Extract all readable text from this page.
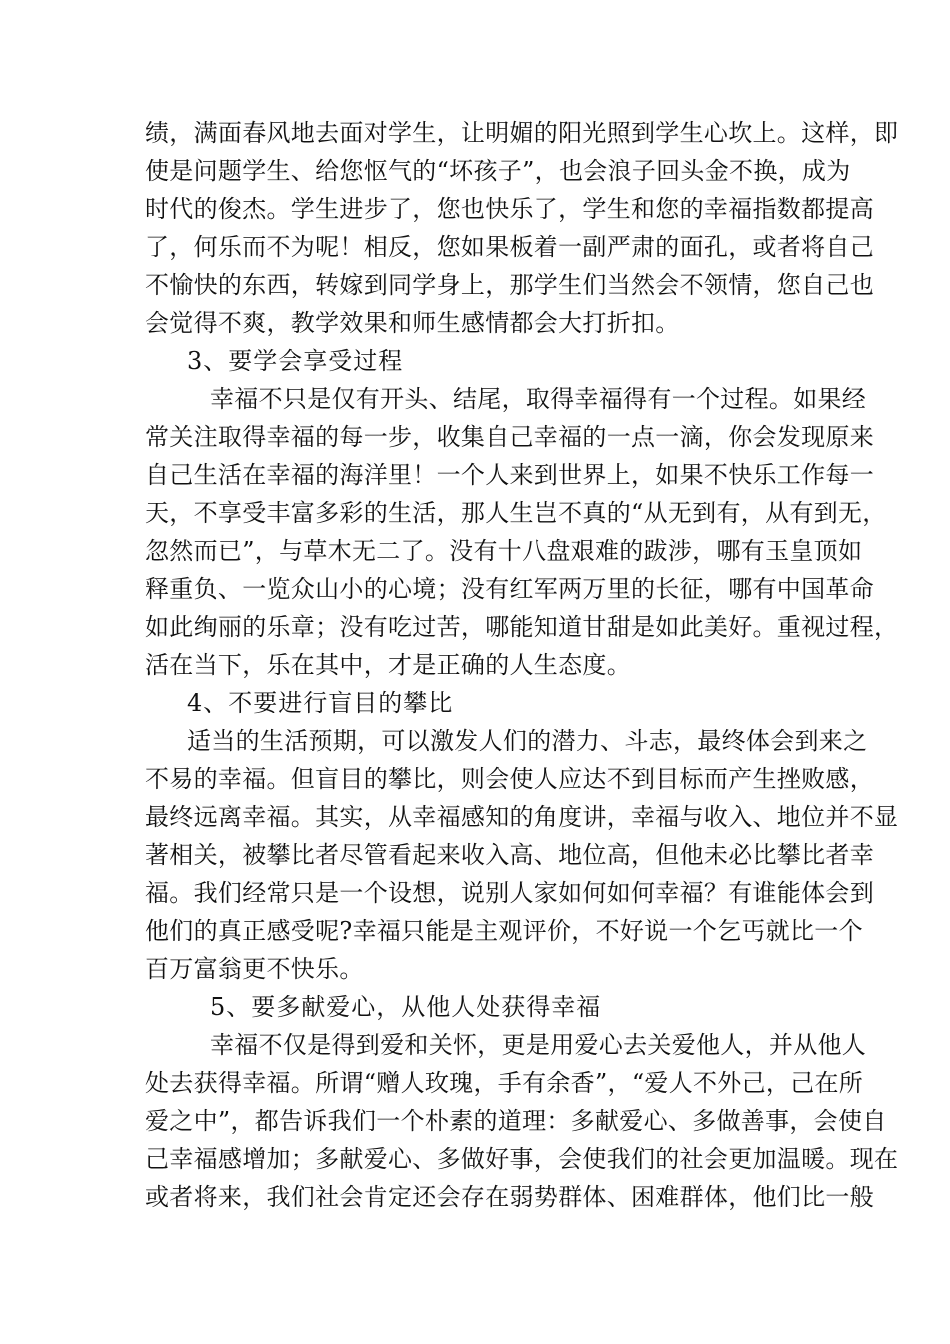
绩，满面春风地去面对学生，让明媚的阳光照到学生心坎上。这样，即
使是问题学生、给您怄气的“坏孩子”，也会浪子回头金不换，成为
时代的俊杰。学生进步了，您也快乐了，学生和您的幸福指数都提高
了，何乐而不为呢！相反，您如果板着一副严肃的面孔，或者将自己
不愉快的东西，转嫁到同学身上，那学生们当然会不领情，您自己也
会觉得不爽，教学效果和师生感情都会大打折扣。
3、要学会享受过程
幸福不只是仅有开头、结尾，取得幸福得有一个过程。如果经
常关注取得幸福的每一步，收集自己幸福的一点一滴，你会发现原来
自己生活在幸福的海洋里！一个人来到世界上，如果不快乐工作每一
天，不享受丰富多彩的生活，那人生岂不真的“从无到有，从有到无，
忽然而已”，与草木无二了。没有十八盘艰难的跋涉，哪有玉皇顶如
释重负、一览众山小的心境；没有红军两万里的长征，哪有中国革命
如此绚丽的乐章；没有吃过苦，哪能知道甘甜是如此美好。重视过程，
活在当下，乐在其中，才是正确的人生态度。
4、不要进行盲目的攀比
适当的生活预期，可以激发人们的潜力、斗志，最终体会到来之
不易的幸福。但盲目的攀比，则会使人应达不到目标而产生挫败感，
最终远离幸福。其实，从幸福感知的角度讲，幸福与收入、地位并不显
著相关，被攀比者尽管看起来收入高、地位高，但他未必比攀比者幸
福。我们经常只是一个设想，说别人家如何如何幸福？有谁能体会到
他们的真正感受呢?幸福只能是主观评价，不好说一个乞丐就比一个
百万富翁更不快乐。
5、要多献爱心，从他人处获得幸福
幸福不仅是得到爱和关怀，更是用爱心去关爱他人，并从他人
处去获得幸福。所谓“赠人玫瑰，手有余香”，“爱人不外己，己在所
爱之中”，都告诉我们一个朴素的道理：多献爱心、多做善事，会使自
己幸福感增加；多献爱心、多做好事，会使我们的社会更加温暖。现在
或者将来，我们社会肯定还会存在弱势群体、困难群体，他们比一般
